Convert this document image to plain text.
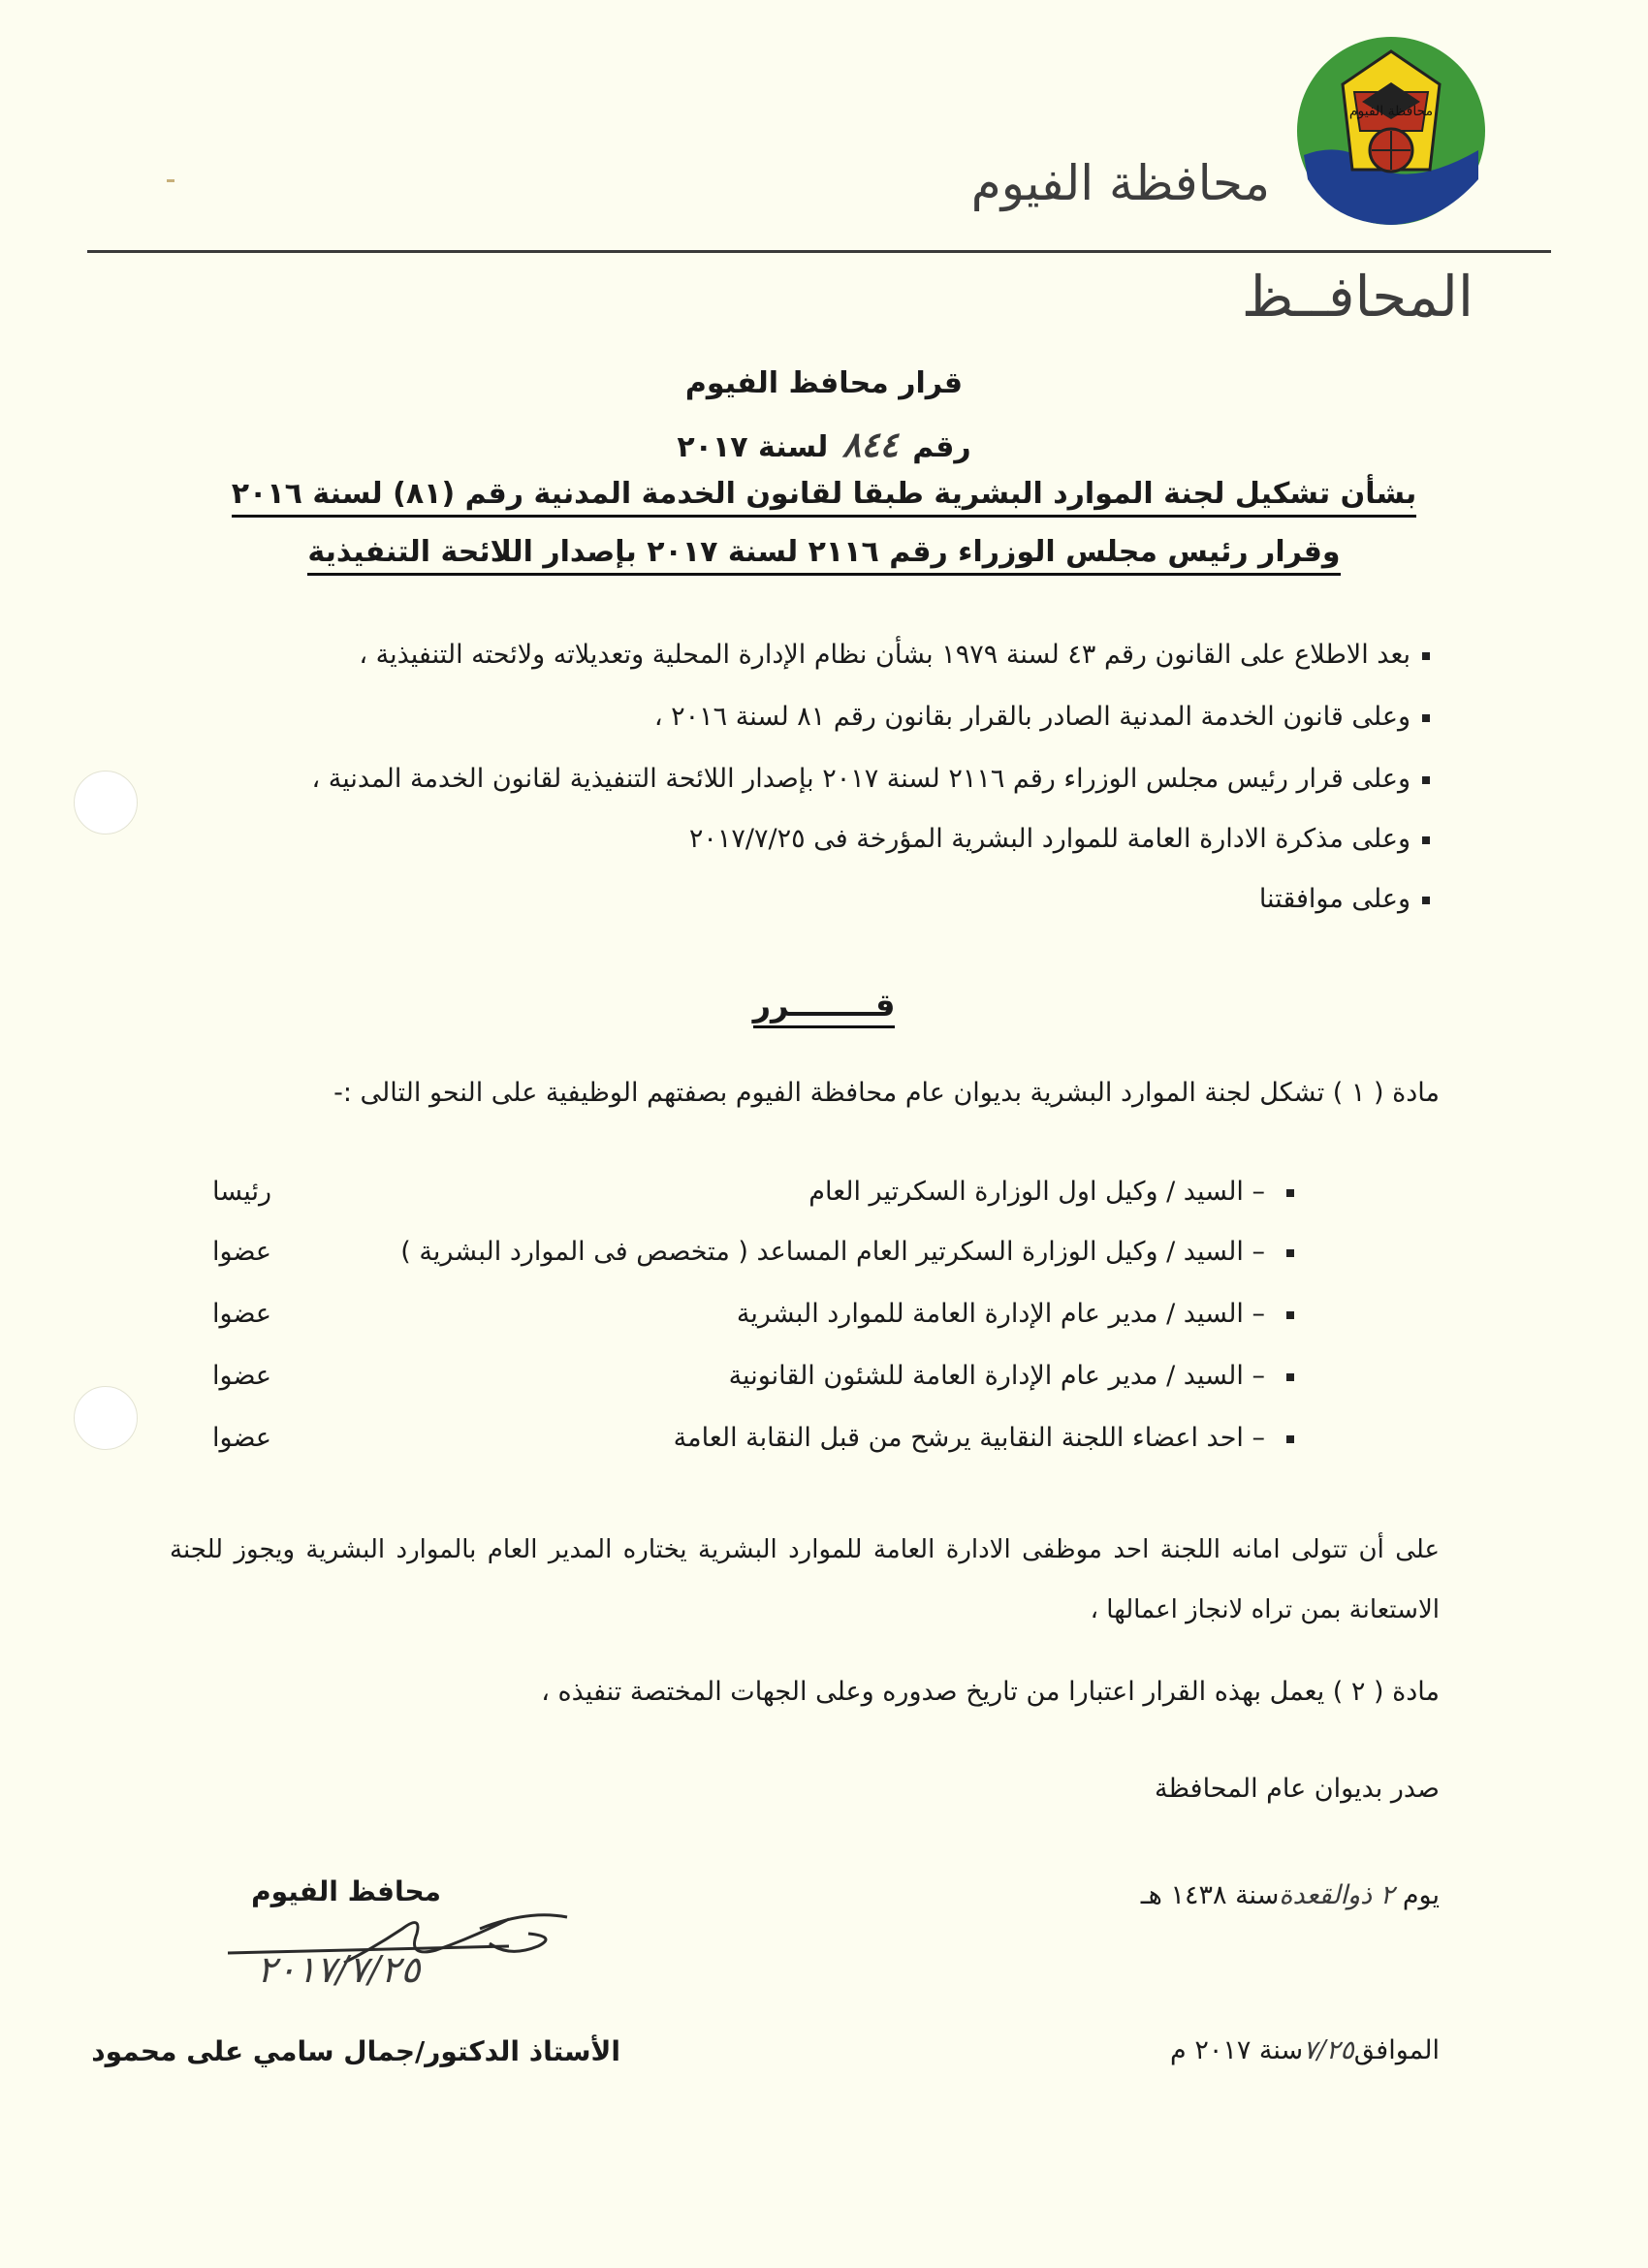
محافظة الفيوم
محافظة الفيوم
المحافــظ
قرار محافظ الفيوم
رقم ٨٤٤ لسنة ٢٠١٧
بشأن تشكيل لجنة الموارد البشرية طبقا لقانون الخدمة المدنية رقم (٨١) لسنة ٢٠١٦
وقرار رئيس مجلس الوزراء رقم ٢١١٦ لسنة ٢٠١٧ بإصدار اللائحة التنفيذية
بعد الاطلاع على القانون رقم ٤٣ لسنة ١٩٧٩ بشأن نظام الإدارة المحلية وتعديلاته ولائحته التنفيذية ،
وعلى قانون الخدمة المدنية الصادر بالقرار بقانون رقم ٨١ لسنة ٢٠١٦ ،
وعلى قرار رئيس مجلس الوزراء رقم ٢١١٦ لسنة ٢٠١٧ بإصدار اللائحة التنفيذية لقانون الخدمة المدنية ،
وعلى مذكرة الادارة العامة للموارد البشرية المؤرخة فى ٢٠١٧/٧/٢٥
وعلى موافقتنا
قــــــــرر
مادة ( ١ ) تشكل لجنة الموارد البشرية بديوان عام محافظة الفيوم بصفتهم الوظيفية على النحو التالى :-
– السيد / وكيل اول الوزارة السكرتير العام
رئيسا
– السيد / وكيل الوزارة السكرتير العام المساعد ( متخصص فى الموارد البشرية )
عضوا
– السيد / مدير عام الإدارة العامة للموارد البشرية
عضوا
– السيد / مدير عام الإدارة العامة للشئون القانونية
عضوا
– احد اعضاء اللجنة النقابية يرشح من قبل النقابة العامة
عضوا
على أن تتولى امانه اللجنة احد موظفى الادارة العامة للموارد البشرية يختاره المدير العام بالموارد البشرية ويجوز للجنة الاستعانة بمن تراه لانجاز اعمالها ،
مادة ( ٢ ) يعمل بهذه القرار اعتبارا من تاريخ صدوره وعلى الجهات المختصة تنفيذه ،
صدر بديوان عام المحافظة
يوم ٢ ذوالقعدةسنة ١٤٣٨ هـ
الموافق٧/٢٥سنة ٢٠١٧ م
محافظ الفيوم
٢٠١٧/٧/٢٥
الأستاذ الدكتور/جمال سامي على محمود
